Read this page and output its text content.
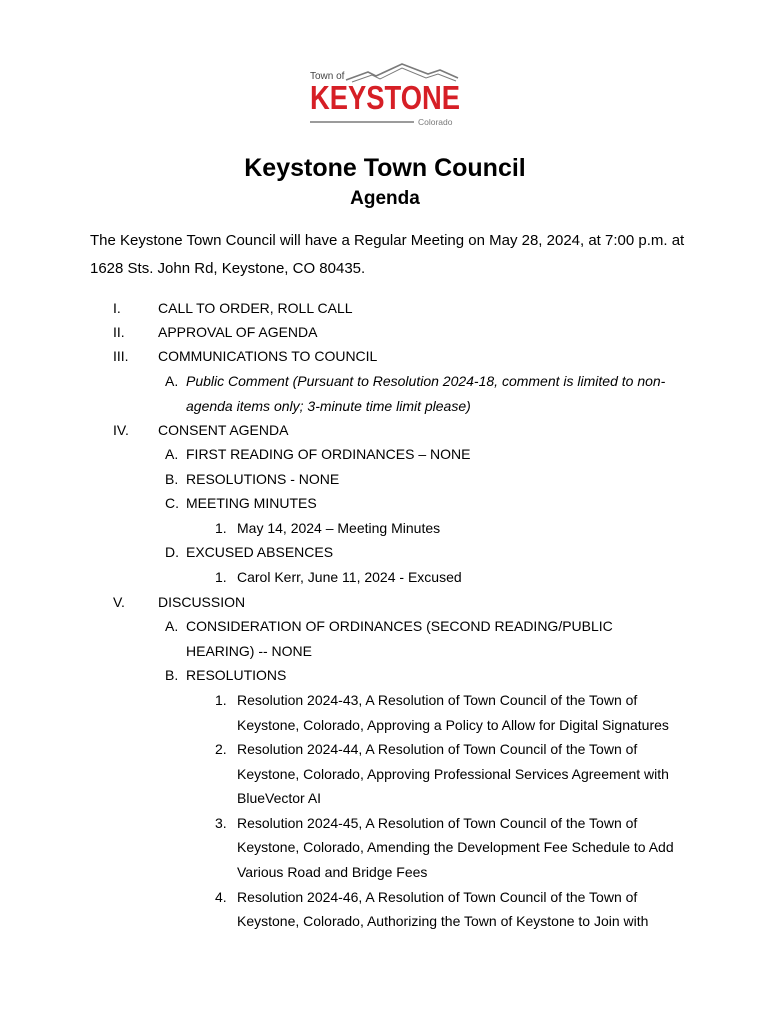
Town of
KEYSTONE
Colorado
Keystone Town Council
Agenda

The Keystone Town Council will have a Regular Meeting on May 28, 2024, at 7:00 p.m. at 1628 Sts. John Rd, Keystone, CO 80435.

I.	CALL TO ORDER, ROLL CALL
II. APPROVAL OF AGENDA
III. COMMUNICATIONS TO COUNCIL
A. Public Comment (Pursuant to Resolution 2024-18, comment is limited to non-
agenda items only; 3-minute time limit please)
IV. CONSENT AGENDA
A. FIRST READING OF ORDINANCES – NONE
B. RESOLUTIONS - NONE
C. MEETING MINUTES
1. May 14, 2024 – Meeting Minutes
D. EXCUSED ABSENCES
1. Carol Kerr, June 11, 2024 - Excused
V. DISCUSSION
A. CONSIDERATION OF ORDINANCES (SECOND READING/PUBLIC
HEARING) -- NONE
B. RESOLUTIONS
1. Resolution 2024-43, A Resolution of Town Council of the Town of
Keystone, Colorado, Approving a Policy to Allow for Digital Signatures
2. Resolution 2024-44, A Resolution of Town Council of the Town of
Keystone, Colorado, Approving Professional Services Agreement with
BlueVector AI
3. Resolution 2024-45, A Resolution of Town Council of the Town of
Keystone, Colorado, Amending the Development Fee Schedule to Add
Various Road and Bridge Fees
4. Resolution 2024-46, A Resolution of Town Council of the Town of
Keystone, Colorado, Authorizing the Town of Keystone to Join with
